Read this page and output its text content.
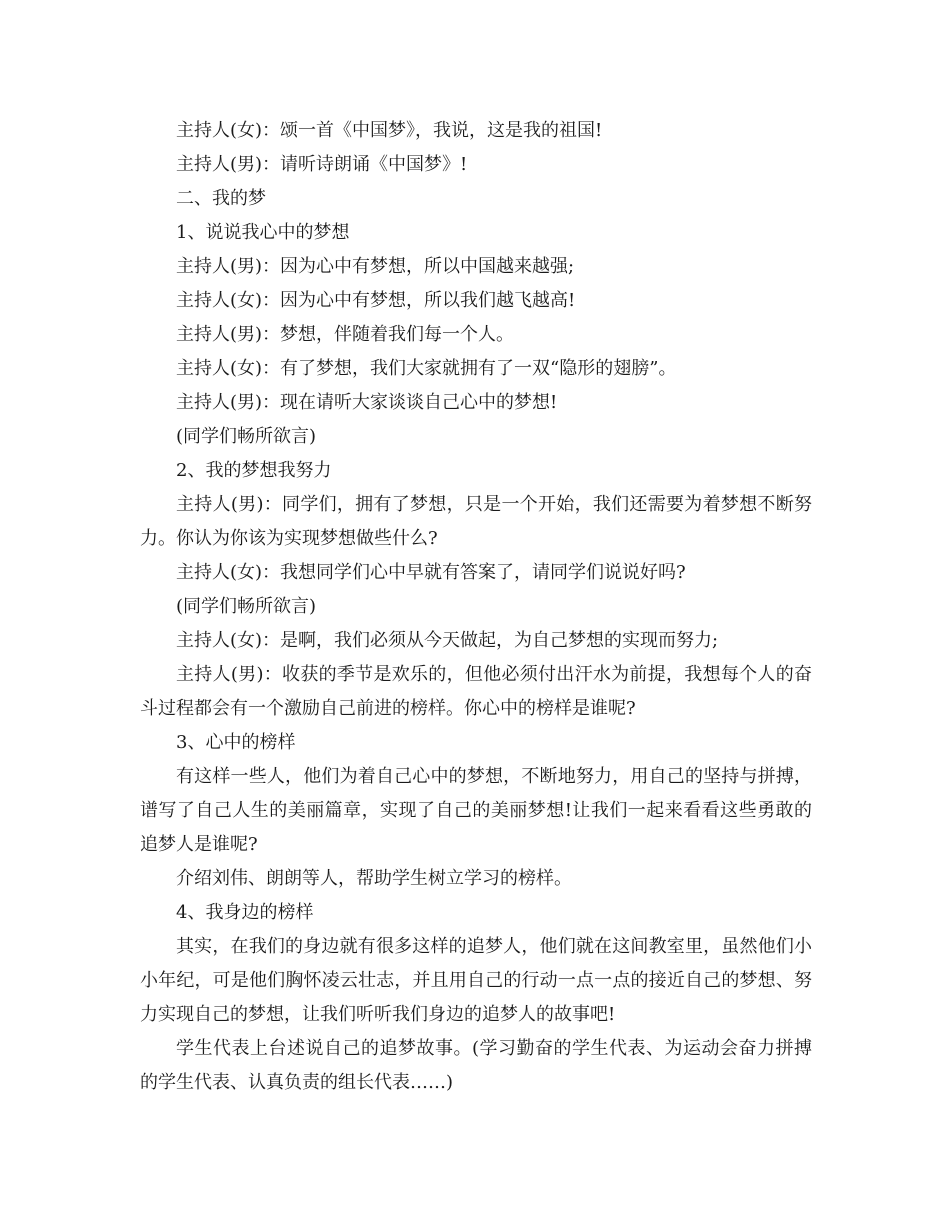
主持人(女)：颂一首《中国梦》，我说，这是我的祖国!

主持人(男)：请听诗朗诵《中国梦》!

二、我的梦

1、说说我心中的梦想

主持人(男)：因为心中有梦想，所以中国越来越强;

主持人(女)：因为心中有梦想，所以我们越飞越高!

主持人(男)：梦想，伴随着我们每一个人。

主持人(女)：有了梦想，我们大家就拥有了一双“隐形的翅膀”。

主持人(男)：现在请听大家谈谈自己心中的梦想!

(同学们畅所欲言)

2、我的梦想我努力

主持人(男)：同学们，拥有了梦想，只是一个开始，我们还需要为着梦想不断努力。你认为你该为实现梦想做些什么?

主持人(女)：我想同学们心中早就有答案了，请同学们说说好吗?

(同学们畅所欲言)

主持人(女)：是啊，我们必须从今天做起，为自己梦想的实现而努力;

主持人(男)：收获的季节是欢乐的，但他必须付出汗水为前提，我想每个人的奋斗过程都会有一个激励自己前进的榜样。你心中的榜样是谁呢?

3、心中的榜样

有这样一些人，他们为着自己心中的梦想，不断地努力，用自己的坚持与拼搏，谱写了自己人生的美丽篇章，实现了自己的美丽梦想!让我们一起来看看这些勇敢的追梦人是谁呢?

介绍刘伟、朗朗等人，帮助学生树立学习的榜样。

4、我身边的榜样

其实，在我们的身边就有很多这样的追梦人，他们就在这间教室里，虽然他们小小年纪，可是他们胸怀凌云壮志，并且用自己的行动一点一点的接近自己的梦想、努力实现自己的梦想，让我们听听我们身边的追梦人的故事吧!

学生代表上台述说自己的追梦故事。(学习勤奋的学生代表、为运动会奋力拼搏的学生代表、认真负责的组长代表……)
